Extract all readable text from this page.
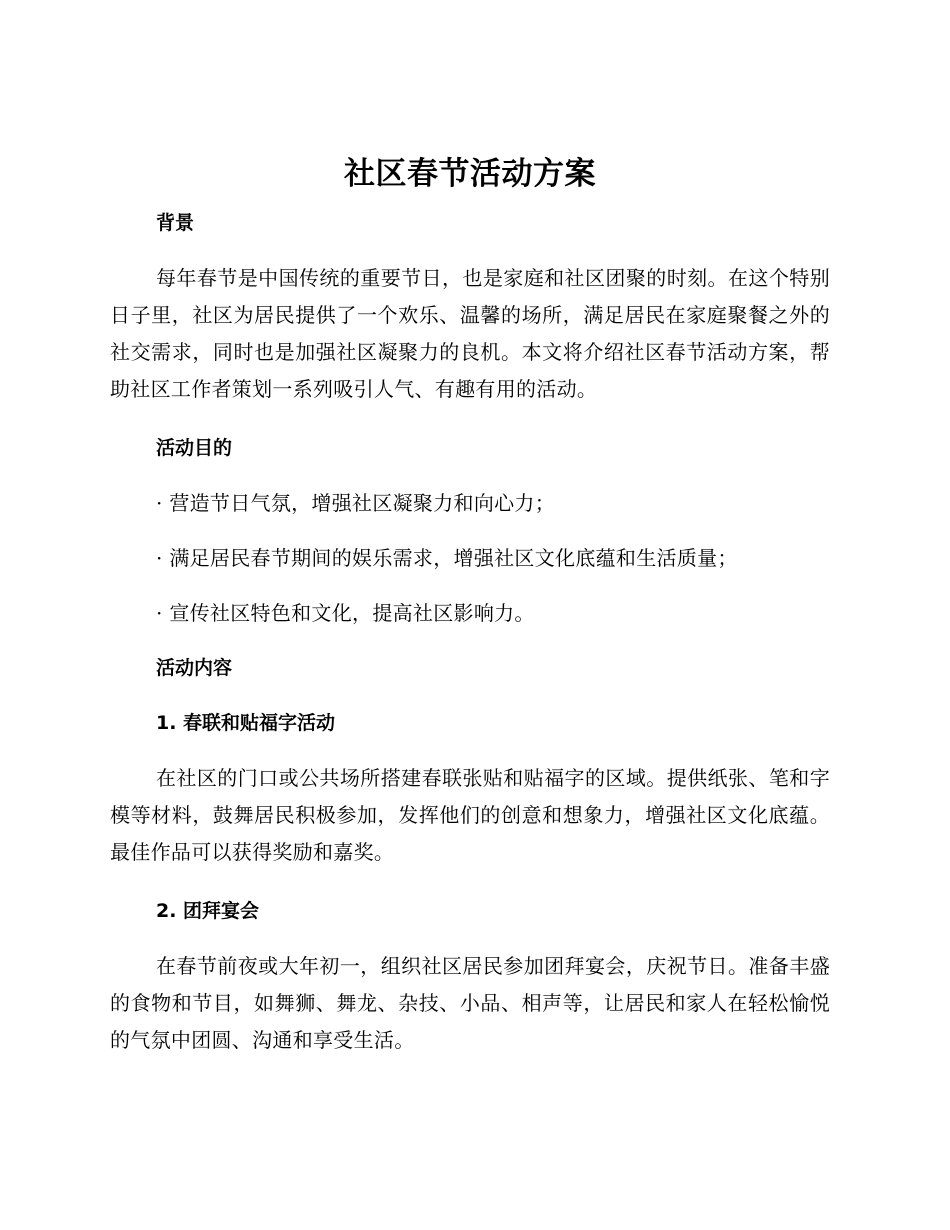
社区春节活动方案
背景

每年春节是中国传统的重要节日，也是家庭和社区团聚的时刻。在这个特别日子里，社区为居民提供了一个欢乐、温馨的场所，满足居民在家庭聚餐之外的社交需求，同时也是加强社区凝聚力的良机。本文将介绍社区春节活动方案，帮助社区工作者策划一系列吸引人气、有趣有用的活动。

活动目的

· 营造节日气氛，增强社区凝聚力和向心力；

· 满足居民春节期间的娱乐需求，增强社区文化底蕴和生活质量；

· 宣传社区特色和文化，提高社区影响力。

活动内容
1. 春联和贴福字活动

在社区的门口或公共场所搭建春联张贴和贴福字的区域。提供纸张、笔和字模等材料，鼓舞居民积极参加，发挥他们的创意和想象力，增强社区文化底蕴。最佳作品可以获得奖励和嘉奖。

2. 团拜宴会

在春节前夜或大年初一，组织社区居民参加团拜宴会，庆祝节日。准备丰盛的食物和节目，如舞狮、舞龙、杂技、小品、相声等，让居民和家人在轻松愉悦的气氛中团圆、沟通和享受生活。
